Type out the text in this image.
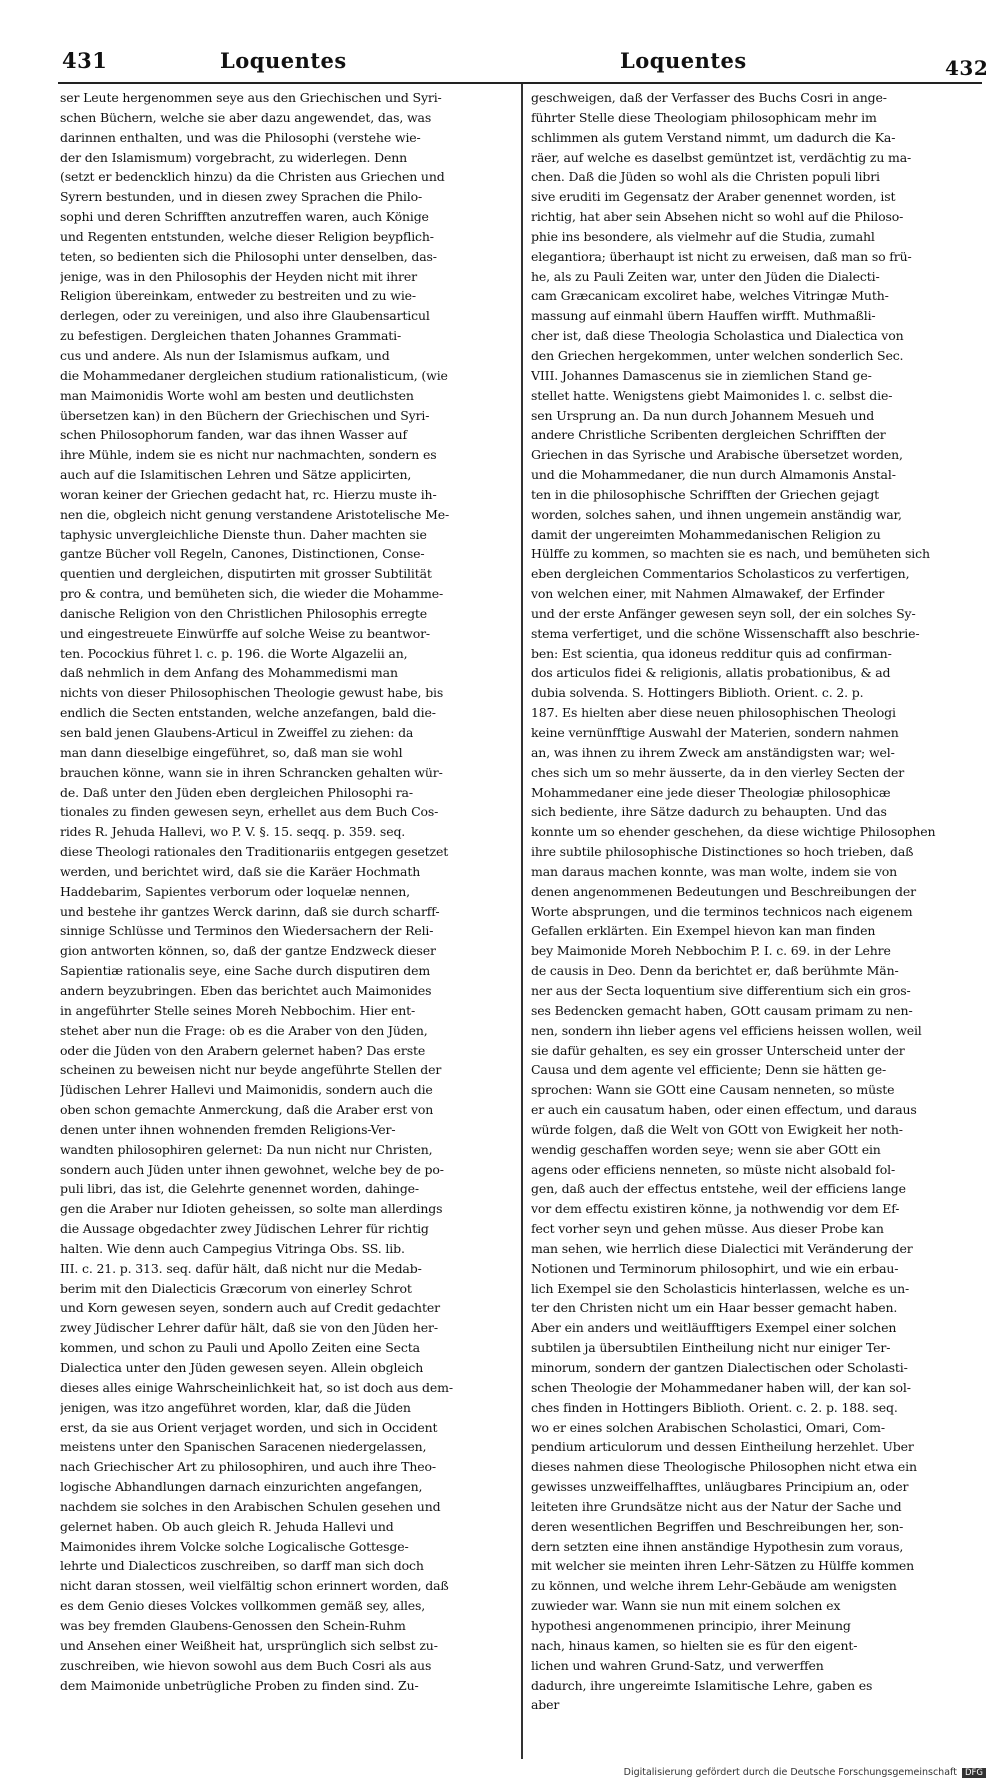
431	Loquentes	Loquentes	432
ser Leute hergenommen seye aus den Griechischen und Syri-
schen Büchern, welche sie aber dazu angewendet, das, was
darinnen enthalten, und was die Philosophi (verstehe wie-
der den Islamismum) vorgebracht, zu widerlegen. Denn
(setzt er bedencklich hinzu) da die Christen aus Griechen und
Syrern bestunden, und in diesen zwey Sprachen die Philo-
sophi und deren Schrifften anzutreffen waren, auch Könige
und Regenten entstunden, welche dieser Religion beypflich-
teten, so bedienten sich die Philosophi unter denselben, das-
jenige, was in den Philosophis der Heyden nicht mit ihrer
Religion übereinkam, entweder zu bestreiten und zu wie-
derlegen, oder zu vereinigen, und also ihre Glaubensarticul
zu befestigen. Dergleichen thaten Johannes Grammati-
cus und andere. Als nun der Islamismus aufkam, und
die Mohammedaner dergleichen studium rationalisticum, (wie
man Maimonidis Worte wohl am besten und deutlichsten
übersetzen kan) in den Büchern der Griechischen und Syri-
schen Philosophorum fanden, war das ihnen Wasser auf
ihre Mühle, indem sie es nicht nur nachmachten, sondern es
auch auf die Islamitischen Lehren und Sätze applicirten,
woran keiner der Griechen gedacht hat, rc. Hierzu muste ih-
nen die, obgleich nicht genung verstandene Aristotelische Me-
taphysic unvergleichliche Dienste thun. Daher machten sie
gantze Bücher voll Regeln, Canones, Distinctionen, Conse-
quentien und dergleichen, disputirten mit grosser Subtilität
pro & contra, und bemüheten sich, die wieder die Mohamme-
danische Religion von den Christlichen Philosophis erregte
und eingestreuete Einwürffe auf solche Weise zu beantwor-
ten. Pocockius führet l. c. p. 196. die Worte Algazelii an,
daß nehmlich in dem Anfang des Mohammedismi man
nichts von dieser Philosophischen Theologie gewust habe, bis
endlich die Secten entstanden, welche anzefangen, bald die-
sen bald jenen Glaubens-Articul in Zweiffel zu ziehen: da
man dann dieselbige eingeführet, so, daß man sie wohl
brauchen könne, wann sie in ihren Schrancken gehalten wür-
de. Daß unter den Jüden eben dergleichen Philosophi ra-
tionales zu finden gewesen seyn, erhellet aus dem Buch Cos-
rides R. Jehuda Hallevi, wo P. V. §. 15. seqq. p. 359. seq.
diese Theologi rationales den Traditionariis entgegen gesetzet
werden, und berichtet wird, daß sie die Karäer Hochmath
Haddebarim, Sapientes verborum oder loquelæ nennen,
und bestehe ihr gantzes Werck darinn, daß sie durch scharff-
sinnige Schlüsse und Terminos den Wiedersachern der Reli-
gion antworten können, so, daß der gantze Endzweck dieser
Sapientiæ rationalis seye, eine Sache durch disputiren dem
andern beyzubringen. Eben das berichtet auch Maimonides
in angeführter Stelle seines Moreh Nebbochim. Hier ent-
stehet aber nun die Frage: ob es die Araber von den Jüden,
oder die Jüden von den Arabern gelernet haben? Das erste
scheinen zu beweisen nicht nur beyde angeführte Stellen der
Jüdischen Lehrer Hallevi und Maimonidis, sondern auch die
oben schon gemachte Anmerckung, daß die Araber erst von
denen unter ihnen wohnenden fremden Religions-Ver-
wandten philosophiren gelernet: Da nun nicht nur Christen,
sondern auch Jüden unter ihnen gewohnet, welche bey de po-
puli libri, das ist, die Gelehrte genennet worden, dahinge-
gen die Araber nur Idioten geheissen, so solte man allerdings
die Aussage obgedachter zwey Jüdischen Lehrer für richtig
halten. Wie denn auch Campegius Vitringa Obs. SS. lib.
III. c. 21. p. 313. seq. dafür hält, daß nicht nur die Medab-
berim mit den Dialecticis Græcorum von einerley Schrot
und Korn gewesen seyen, sondern auch auf Credit gedachter
zwey Jüdischer Lehrer dafür hält, daß sie von den Jüden her-
kommen, und schon zu Pauli und Apollo Zeiten eine Secta
Dialectica unter den Jüden gewesen seyen. Allein obgleich
dieses alles einige Wahrscheinlichkeit hat, so ist doch aus dem-
jenigen, was itzo angeführet worden, klar, daß die Jüden
erst, da sie aus Orient verjaget worden, und sich in Occident
meistens unter den Spanischen Saracenen niedergelassen,
nach Griechischer Art zu philosophiren, und auch ihre Theo-
logische Abhandlungen darnach einzurichten angefangen,
nachdem sie solches in den Arabischen Schulen gesehen und
gelernet haben. Ob auch gleich R. Jehuda Hallevi und
Maimonides ihrem Volcke solche Logicalische Gottesge-
lehrte und Dialecticos zuschreiben, so darff man sich doch
nicht daran stossen, weil vielfältig schon erinnert worden, daß
es dem Genio dieses Volckes vollkommen gemäß sey, alles,
was bey fremden Glaubens-Genossen den Schein-Ruhm
und Ansehen einer Weißheit hat, ursprünglich sich selbst zu-
zuschreiben, wie hievon sowohl aus dem Buch Cosri als aus
dem Maimonide unbetrügliche Proben zu finden sind. Zu-
geschweigen, daß der Verfasser des Buchs Cosri in ange-
führter Stelle diese Theologiam philosophicam mehr im
schlimmen als gutem Verstand nimmt, um dadurch die Ka-
räer, auf welche es daselbst gemüntzet ist, verdächtig zu ma-
chen. Daß die Jüden so wohl als die Christen populi libri
sive eruditi im Gegensatz der Araber genennet worden, ist
richtig, hat aber sein Absehen nicht so wohl auf die Philoso-
phie ins besondere, als vielmehr auf die Studia, zumahl
elegantiora; überhaupt ist nicht zu erweisen, daß man so frü-
he, als zu Pauli Zeiten war, unter den Jüden die Dialecti-
cam Græcanicam excoliret habe, welches Vitringæ Muth-
massung auf einmahl übern Hauffen wirfft. Muthmaßli-
cher ist, daß diese Theologia Scholastica und Dialectica von
den Griechen hergekommen, unter welchen sonderlich Sec.
VIII. Johannes Damascenus sie in ziemlichen Stand ge-
stellet hatte. Wenigstens giebt Maimonides l. c. selbst die-
sen Ursprung an. Da nun durch Johannem Mesueh und
andere Christliche Scribenten dergleichen Schrifften der
Griechen in das Syrische und Arabische übersetzet worden,
und die Mohammedaner, die nun durch Almamonis Anstal-
ten in die philosophische Schrifften der Griechen gejagt
worden, solches sahen, und ihnen ungemein anständig war,
damit der ungereimten Mohammedanischen Religion zu
Hülffe zu kommen, so machten sie es nach, und bemüheten sich
eben dergleichen Commentarios Scholasticos zu verfertigen,
von welchen einer, mit Nahmen Almawakef, der Erfinder
und der erste Anfänger gewesen seyn soll, der ein solches Sy-
stema verfertiget, und die schöne Wissenschafft also beschrie-
ben: Est scientia, qua idoneus redditur quis ad confirman-
dos articulos fidei & religionis, allatis probationibus, & ad
dubia solvenda. S. Hottingers Biblioth. Orient. c. 2. p.
187. Es hielten aber diese neuen philosophischen Theologi
keine vernünfftige Auswahl der Materien, sondern nahmen
an, was ihnen zu ihrem Zweck am anständigsten war; wel-
ches sich um so mehr äusserte, da in den vierley Secten der
Mohammedaner eine jede dieser Theologiæ philosophicæ
sich bediente, ihre Sätze dadurch zu behaupten. Und das
konnte um so ehender geschehen, da diese wichtige Philosophen
ihre subtile philosophische Distinctiones so hoch trieben, daß
man daraus machen konnte, was man wolte, indem sie von
denen angenommenen Bedeutungen und Beschreibungen der
Worte absprungen, und die terminos technicos nach eigenem
Gefallen erklärten. Ein Exempel hievon kan man finden
bey Maimonide Moreh Nebbochim P. I. c. 69. in der Lehre
de causis in Deo. Denn da berichtet er, daß berühmte Män-
ner aus der Secta loquentium sive differentium sich ein gros-
ses Bedencken gemacht haben, GOtt causam primam zu nen-
nen, sondern ihn lieber agens vel efficiens heissen wollen, weil
sie dafür gehalten, es sey ein grosser Unterscheid unter der
Causa und dem agente vel efficiente; Denn sie hätten ge-
sprochen: Wann sie GOtt eine Causam nenneten, so müste
er auch ein causatum haben, oder einen effectum, und daraus
würde folgen, daß die Welt von GOtt von Ewigkeit her noth-
wendig geschaffen worden seye; wenn sie aber GOtt ein
agens oder efficiens nenneten, so müste nicht alsobald fol-
gen, daß auch der effectus entstehe, weil der efficiens lange
vor dem effectu existiren könne, ja nothwendig vor dem Ef-
fect vorher seyn und gehen müsse. Aus dieser Probe kan
man sehen, wie herrlich diese Dialectici mit Veränderung der
Notionen und Terminorum philosophirt, und wie ein erbau-
lich Exempel sie den Scholasticis hinterlassen, welche es un-
ter den Christen nicht um ein Haar besser gemacht haben.
Aber ein anders und weitläufftigers Exempel einer solchen
subtilen ja übersubtilen Eintheilung nicht nur einiger Ter-
minorum, sondern der gantzen Dialectischen oder Scholasti-
schen Theologie der Mohammedaner haben will, der kan sol-
ches finden in Hottingers Biblioth. Orient. c. 2. p. 188. seq.
wo er eines solchen Arabischen Scholastici, Omari, Com-
pendium articulorum und dessen Eintheilung herzehlet. Uber
dieses nahmen diese Theologische Philosophen nicht etwa ein
gewisses unzweiffelhafftes, unläugbares Principium an, oder
leiteten ihre Grundsätze nicht aus der Natur der Sache und
deren wesentlichen Begriffen und Beschreibungen her, son-
dern setzten eine ihnen anständige Hypothesin zum voraus,
mit welcher sie meinten ihren Lehr-Sätzen zu Hülffe kommen
zu können, und welche ihrem Lehr-Gebäude am wenigsten
zuwieder war. Wann sie nun mit einem solchen ex
hypothesi angenommenen principio, ihrer Meinung
nach, hinaus kamen, so hielten sie es für den eigent-
lichen und wahren Grund-Satz, und verwerffen
dadurch, ihre ungereimte Islamitische Lehre, gaben es
aber
Digitalisierung gefördert durch die Deutsche Forschungsgemeinschaft DFG
